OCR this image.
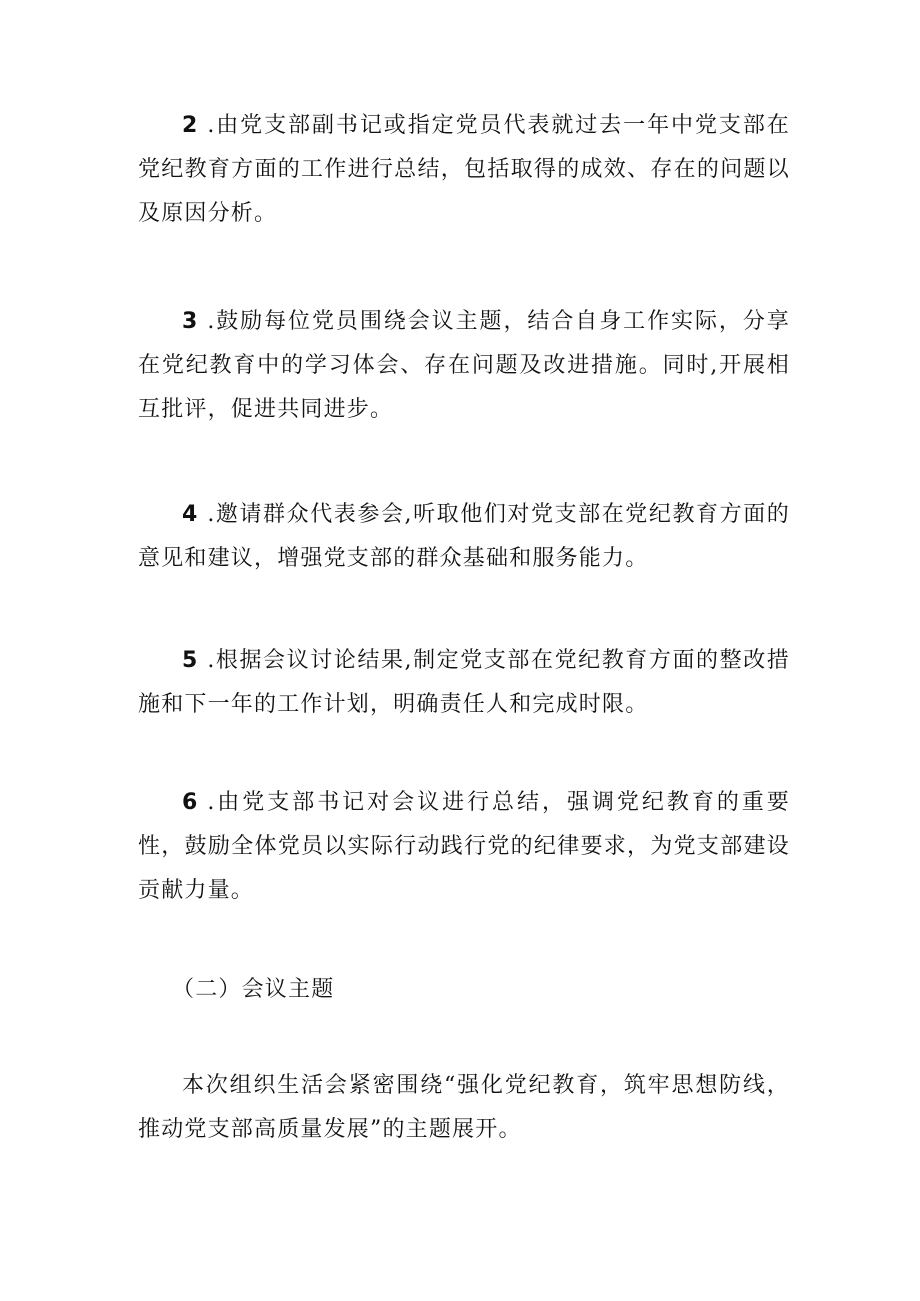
2 .由党支部副书记或指定党员代表就过去一年中党支部在党纪教育方面的工作进行总结，包括取得的成效、存在的问题以及原因分析。

3 .鼓励每位党员围绕会议主题，结合自身工作实际，分享在党纪教育中的学习体会、存在问题及改进措施。同时,开展相互批评，促进共同进步。

4 .邀请群众代表参会,听取他们对党支部在党纪教育方面的意见和建议，增强党支部的群众基础和服务能力。

5 .根据会议讨论结果,制定党支部在党纪教育方面的整改措施和下一年的工作计划，明确责任人和完成时限。

6 .由党支部书记对会议进行总结，强调党纪教育的重要性，鼓励全体党员以实际行动践行党的纪律要求，为党支部建设贡献力量。

（二）会议主题

本次组织生活会紧密围绕“强化党纪教育，筑牢思想防线，推动党支部高质量发展”的主题展开。
